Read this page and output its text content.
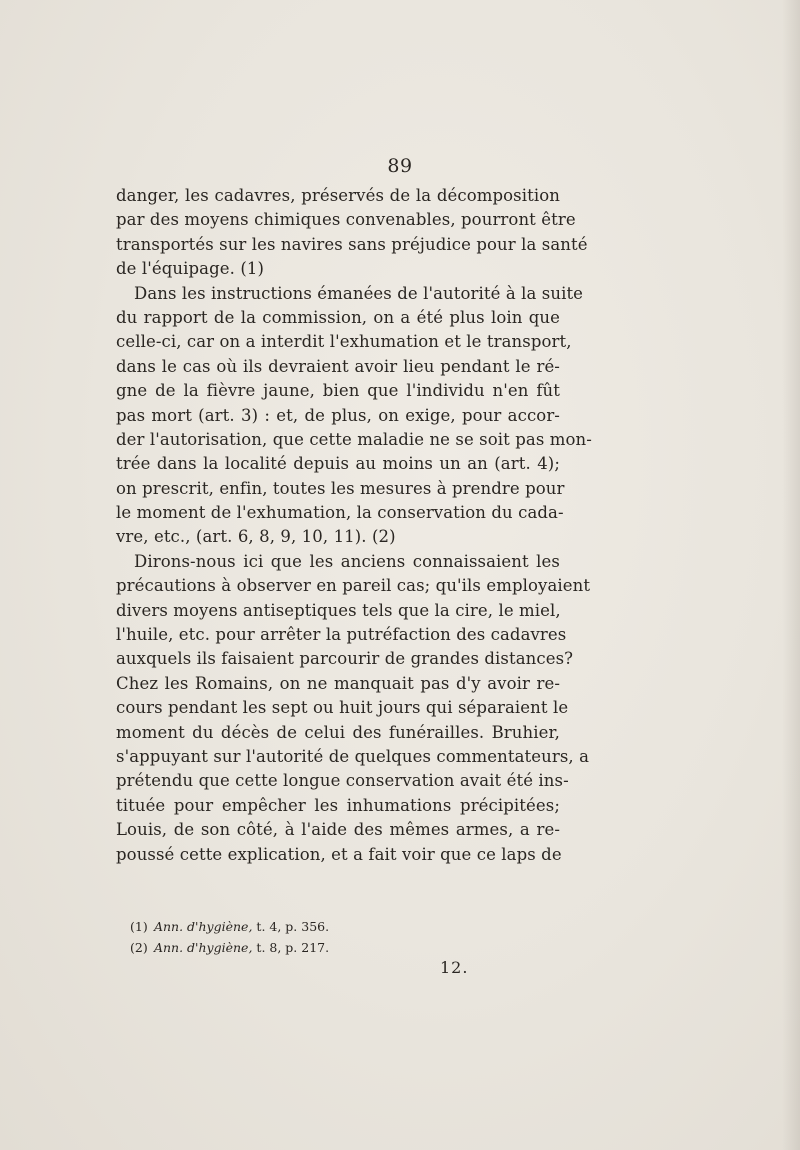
89
danger, les cadavres, préservés de la décomposition
par des moyens chimiques convenables, pourront être
transportés sur les navires sans préjudice pour la santé
de l'équipage. (1)
Dans les instructions émanées de l'autorité à la suite
du rapport de la commission, on a été plus loin que
celle-ci, car on a interdit l'exhumation et le transport,
dans le cas où ils devraient avoir lieu pendant le ré-
gne de la fièvre jaune, bien que l'individu n'en fût
pas mort (art. 3) : et, de plus, on exige, pour accor-
der l'autorisation, que cette maladie ne se soit pas mon-
trée dans la localité depuis au moins un an (art. 4);
on prescrit, enfin, toutes les mesures à prendre pour
le moment de l'exhumation, la conservation du cada-
vre, etc., (art. 6, 8, 9, 10, 11). (2)
Dirons-nous ici que les anciens connaissaient les
précautions à observer en pareil cas; qu'ils employaient
divers moyens antiseptiques tels que la cire, le miel,
l'huile, etc. pour arrêter la putréfaction des cadavres
auxquels ils faisaient parcourir de grandes distances?
Chez les Romains, on ne manquait pas d'y avoir re-
cours pendant les sept ou huit jours qui séparaient le
moment du décès de celui des funérailles. Bruhier,
s'appuyant sur l'autorité de quelques commentateurs, a
prétendu que cette longue conservation avait été ins-
tituée pour empêcher les inhumations précipitées;
Louis, de son côté, à l'aide des mêmes armes, a re-
poussé cette explication, et a fait voir que ce laps de
(1) Ann. d'hygiène, t. 4, p. 356.
(2) Ann. d'hygiène, t. 8, p. 217.
12.
